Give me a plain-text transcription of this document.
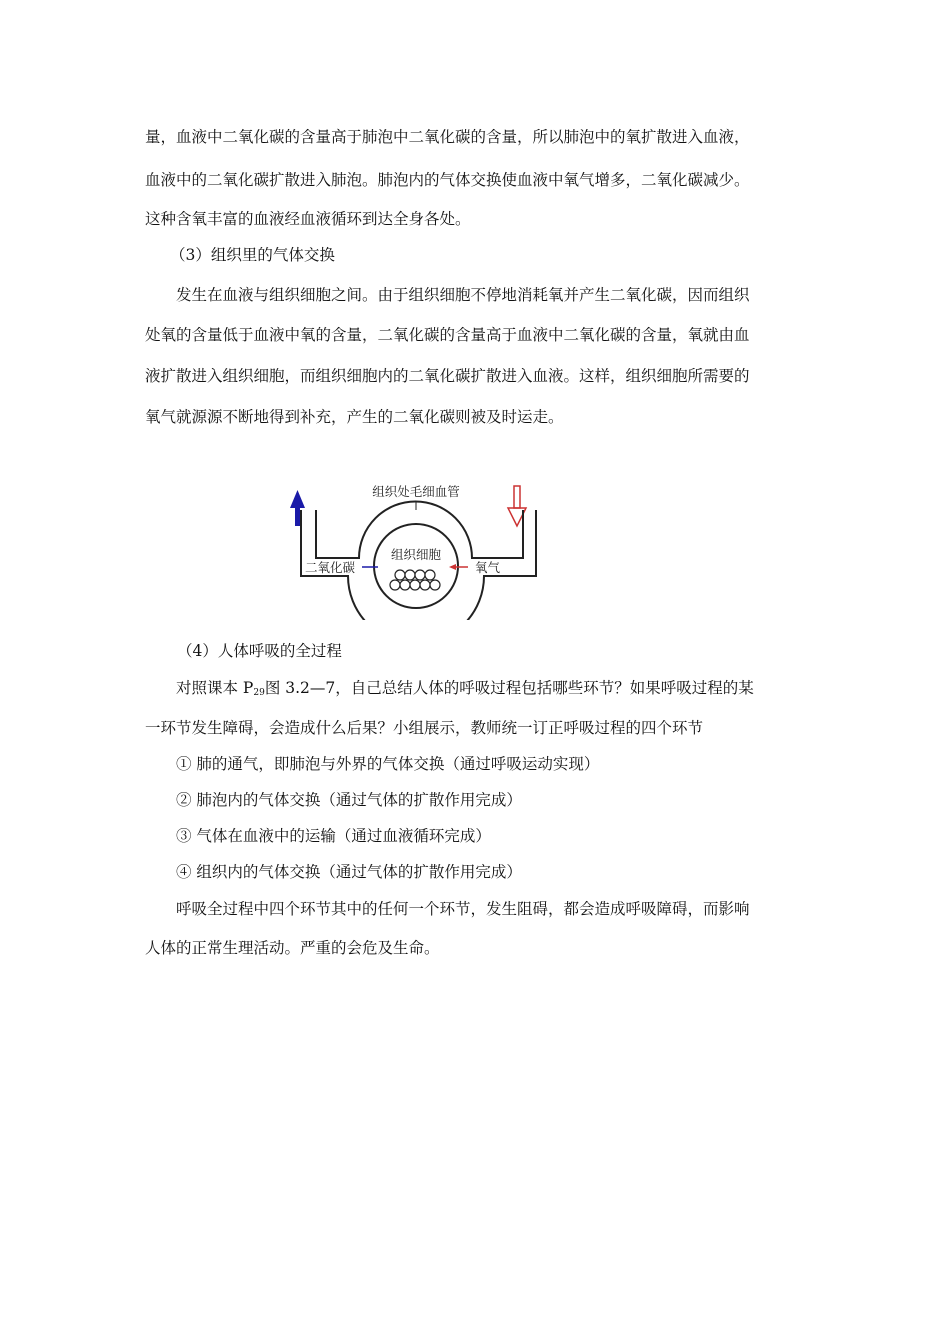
量，血液中二氧化碳的含量高于肺泡中二氧化碳的含量，所以肺泡中的氧扩散进入血液，
血液中的二氧化碳扩散进入肺泡。肺泡内的气体交换使血液中氧气增多，二氧化碳减少。
这种含氧丰富的血液经血液循环到达全身各处。
（3）组织里的气体交换
发生在血液与组织细胞之间。由于组织细胞不停地消耗氧并产生二氧化碳，因而组织
处氧的含量低于血液中氧的含量，二氧化碳的含量高于血液中二氧化碳的含量，氧就由血
液扩散进入组织细胞，而组织细胞内的二氧化碳扩散进入血液。这样，组织细胞所需要的
氧气就源源不断地得到补充，产生的二氧化碳则被及时运走。
组织处毛细血管
组织细胞
二氧化碳	氧气
（4）人体呼吸的全过程
对照课本 $P_{29}$图 3.2—7，自己总结人体的呼吸过程包括哪些环节？如果呼吸过程的某
一环节发生障碍，会造成什么后果？小组展示，教师统一订正呼吸过程的四个环节
① 肺的通气，即肺泡与外界的气体交换（通过呼吸运动实现）
② 肺泡内的气体交换（通过气体的扩散作用完成）
③ 气体在血液中的运输（通过血液循环完成）
④ 组织内的气体交换（通过气体的扩散作用完成）
呼吸全过程中四个环节其中的任何一个环节，发生阻碍，都会造成呼吸障碍，而影响
人体的正常生理活动。严重的会危及生命。
